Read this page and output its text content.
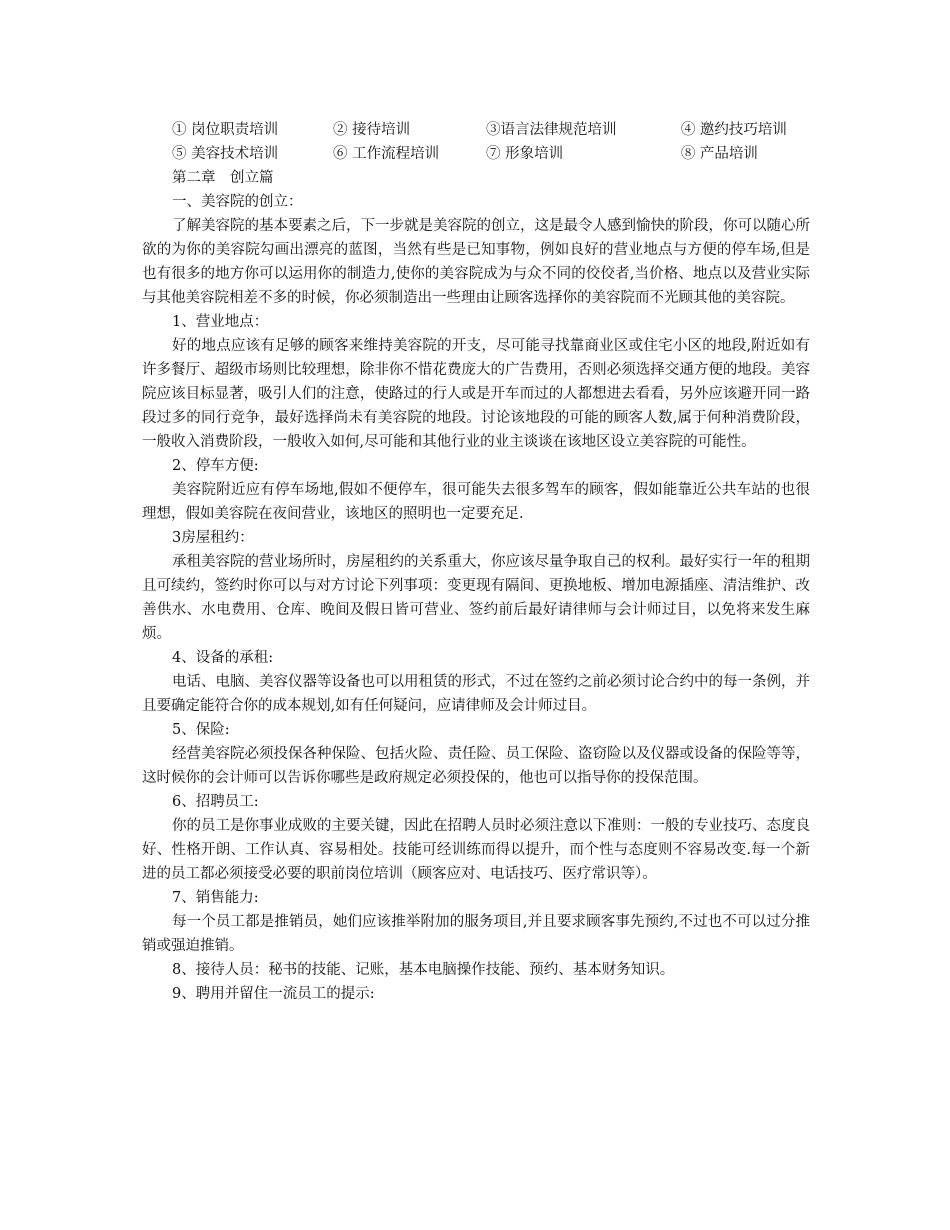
① 岗位职责培训	② 接待培训	③语言法律规范培训	④ 邀约技巧培训
⑤ 美容技术培训	⑥ 工作流程培训	⑦ 形象培训	⑧ 产品培训
第二章　创立篇
一、美容院的创立：

了解美容院的基本要素之后，下一步就是美容院的创立，这是最令人感到愉快的阶段，你可以随心所欲的为你的美容院勾画出漂亮的蓝图，当然有些是已知事物，例如良好的营业地点与方便的停车场,但是也有很多的地方你可以运用你的制造力,使你的美容院成为与众不同的佼佼者,当价格、地点以及营业实际与其他美容院相差不多的时候，你必须制造出一些理由让顾客选择你的美容院而不光顾其他的美容院。

1、营业地点：

好的地点应该有足够的顾客来维持美容院的开支，尽可能寻找靠商业区或住宅小区的地段,附近如有许多餐厅、超级市场则比较理想，除非你不惜花费庞大的广告费用，否则必须选择交通方便的地段。美容院应该目标显著，吸引人们的注意，使路过的行人或是开车而过的人都想进去看看，另外应该避开同一路段过多的同行竞争，最好选择尚未有美容院的地段。讨论该地段的可能的顾客人数,属于何种消费阶段，一般收入消费阶段，一般收入如何,尽可能和其他行业的业主谈谈在该地区设立美容院的可能性。

2、停车方便:

美容院附近应有停车场地,假如不便停车，很可能失去很多驾车的顾客，假如能靠近公共车站的也很理想，假如美容院在夜间营业，该地区的照明也一定要充足.

3房屋租约：

承租美容院的营业场所时，房屋租约的关系重大，你应该尽量争取自己的权利。最好实行一年的租期且可续约，签约时你可以与对方讨论下列事项：变更现有隔间、更换地板、增加电源插座、清洁维护、改善供水、水电费用、仓库、晚间及假日皆可营业、签约前后最好请律师与会计师过目，以免将来发生麻烦。

4、设备的承租:

电话、电脑、美容仪器等设备也可以用租赁的形式，不过在签约之前必须讨论合约中的每一条例，并且要确定能符合你的成本规划,如有任何疑问，应请律师及会计师过目。

5、保险:

经营美容院必须投保各种保险、包括火险、责任险、员工保险、盗窃险以及仪器或设备的保险等等，这时候你的会计师可以告诉你哪些是政府规定必须投保的，他也可以指导你的投保范围。

6、招聘员工:

你的员工是你事业成败的主要关键，因此在招聘人员时必须注意以下准则：一般的专业技巧、态度良好、性格开朗、工作认真、容易相处。技能可经训练而得以提升，而个性与态度则不容易改变.每一个新进的员工都必须接受必要的职前岗位培训（顾客应对、电话技巧、医疗常识等）。

7、销售能力:

每一个员工都是推销员，她们应该推举附加的服务项目,并且要求顾客事先预约,不过也不可以过分推销或强迫推销。

8、接待人员：秘书的技能、记账，基本电脑操作技能、预约、基本财务知识。
9、聘用并留住一流员工的提示:
